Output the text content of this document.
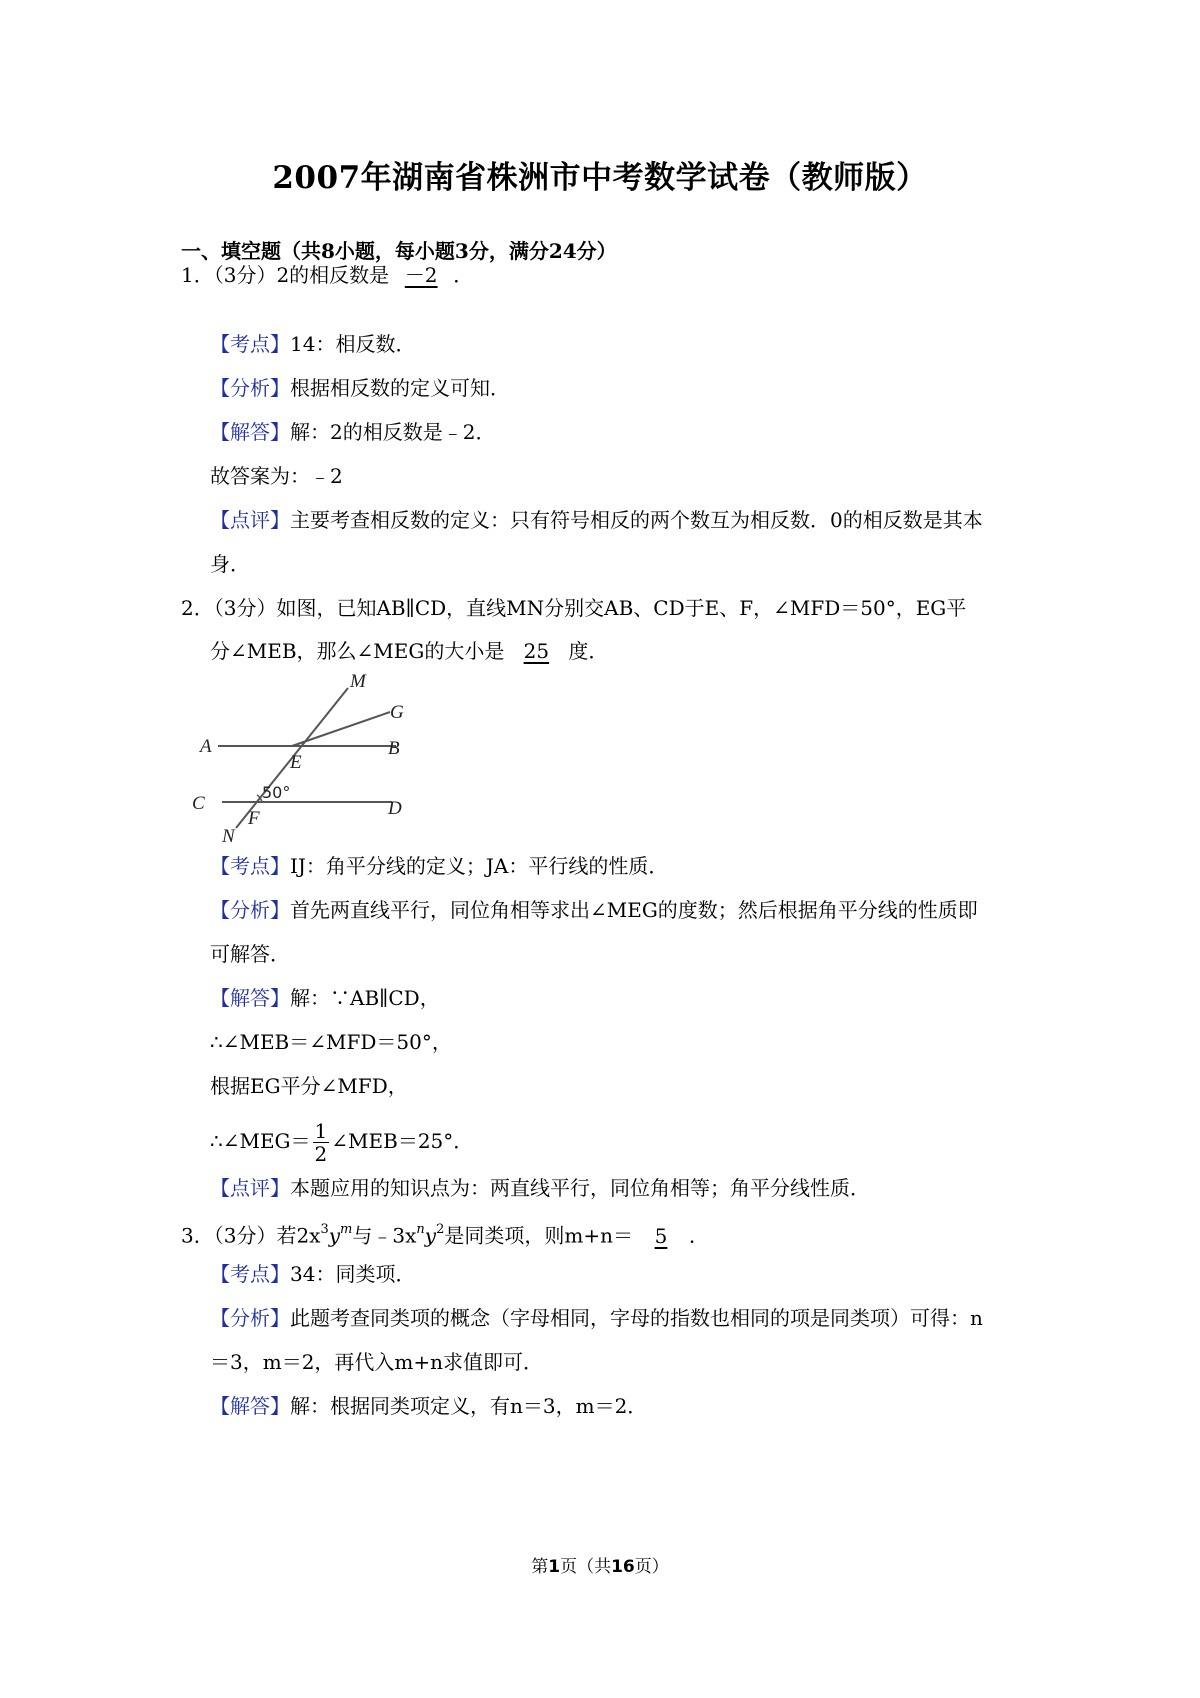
2007年湖南省株洲市中考数学试卷（教师版）
一、填空题（共8小题，每小题3分，满分24分）
1．（3分）2的相反数是 －2 ．
【考点】14：相反数．
【分析】根据相反数的定义可知．
【解答】解：2的相反数是﹣2．
故答案为：﹣2
【点评】主要考查相反数的定义：只有符号相反的两个数互为相反数．0的相反数是其本
身．
2．（3分）如图，已知AB∥CD，直线MN分别交AB、CD于E、F，∠MFD＝50°，EG平
分∠MEB，那么∠MEG的大小是 25 度．
M
G
A	B
E
C	D
N
F
50°
【考点】IJ：角平分线的定义；JA：平行线的性质．
【分析】首先两直线平行，同位角相等求出∠MEG的度数；然后根据角平分线的性质即
可解答．
【解答】解：∵AB∥CD，
∴∠MEB＝∠MFD＝50°，
根据EG平分∠MFD，
∴∠MEG＝ $\frac{1}{2}$ ∠MEB＝25°．
【点评】本题应用的知识点为：两直线平行，同位角相等；角平分线性质．
3．（3分）若$2x^3y^m$与$﹣3x^ny^2$是同类项，则m+n＝ 5 ．
【考点】34：同类项．
【分析】此题考查同类项的概念（字母相同，字母的指数也相同的项是同类项）可得：n
＝3，m＝2，再代入m+n求值即可．
【解答】解：根据同类项定义，有n＝3，m＝2．
第1页（共16页）
